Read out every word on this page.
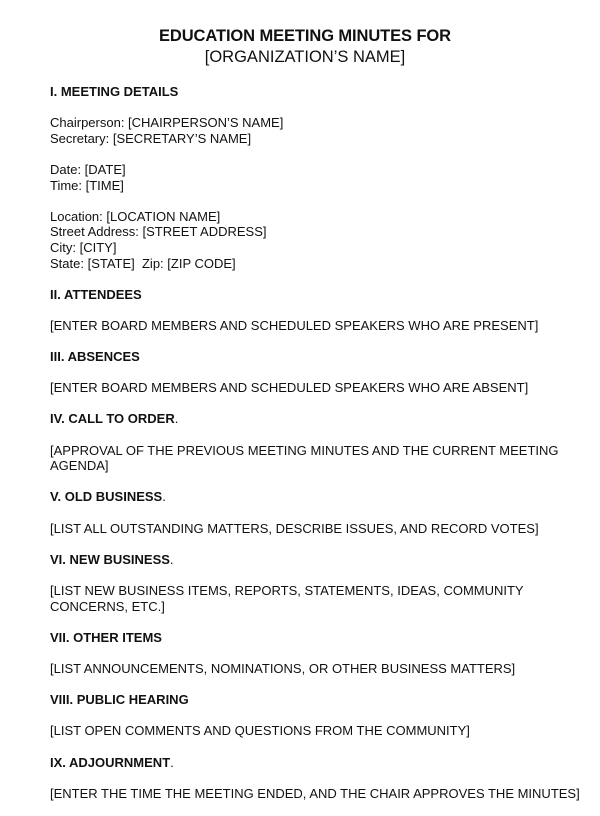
EDUCATION MEETING MINUTES FOR

[ORGANIZATION’S NAME]

I. MEETING DETAILS

Chairperson: [CHAIRPERSON’S NAME]

Secretary: [SECRETARY’S NAME]

Date: [DATE]

Time: [TIME]

Location: [LOCATION NAME]

Street Address: [STREET ADDRESS]

City: [CITY]

State: [STATE]  Zip: [ZIP CODE]

II. ATTENDEES

[ENTER BOARD MEMBERS AND SCHEDULED SPEAKERS WHO ARE PRESENT]

III. ABSENCES

[ENTER BOARD MEMBERS AND SCHEDULED SPEAKERS WHO ARE ABSENT]

IV. CALL TO ORDER.

[APPROVAL OF THE PREVIOUS MEETING MINUTES AND THE CURRENT MEETING

AGENDA]

V. OLD BUSINESS.

[LIST ALL OUTSTANDING MATTERS, DESCRIBE ISSUES, AND RECORD VOTES]

VI. NEW BUSINESS.

[LIST NEW BUSINESS ITEMS, REPORTS, STATEMENTS, IDEAS, COMMUNITY

CONCERNS, ETC.]

VII. OTHER ITEMS

[LIST ANNOUNCEMENTS, NOMINATIONS, OR OTHER BUSINESS MATTERS]

VIII. PUBLIC HEARING

[LIST OPEN COMMENTS AND QUESTIONS FROM THE COMMUNITY]

IX. ADJOURNMENT.

[ENTER THE TIME THE MEETING ENDED, AND THE CHAIR APPROVES THE MINUTES]
